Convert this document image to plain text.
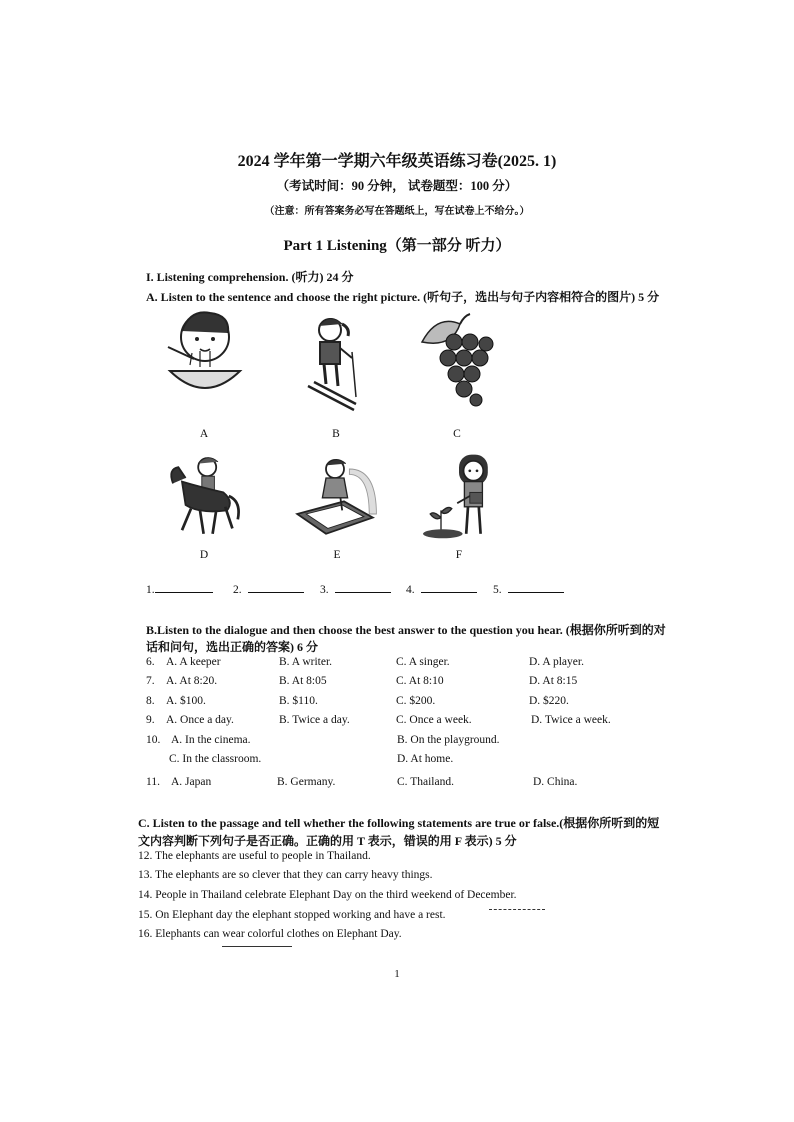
2024 学年第一学期六年级英语练习卷(2025. 1)
（考试时间：90 分钟， 试卷题型：100 分）
（注意：所有答案务必写在答题纸上，写在试卷上不给分。）
Part 1 Listening（第一部分 听力）
I. Listening comprehension. (听力) 24 分
A. Listen to the sentence and choose the right picture. (听句子，选出与句子内容相符合的图片) 5 分
A	B	C
D	E	F
1.	2.	3.	4.	5.
B.Listen to the dialogue and then choose the best answer to the question you hear. (根据你所听到的对
话和问句，选出正确的答案) 6 分
6. A. A keeper	B. A writer.	C. A singer.	D. A player.
7. A. At 8:20.	B. At 8:05	C. At 8:10	D. At 8:15
8. A. $100.	B. $110.	C. $200.	D. $220.
9. A. Once a day.	B. Twice a day.	C. Once a week.	D. Twice a week.
10. A. In the cinema.	B. On the playground.
C. In the classroom.	D. At home.
11. A. Japan	B. Germany.	C. Thailand.	D. China.
C. Listen to the passage and tell whether the following statements are true or false.(根据你所听到的短
文内容判断下列句子是否正确。正确的用 T 表示，错误的用 F 表示) 5 分
12. The elephants are useful to people in Thailand.
13. The elephants are so clever that they can carry heavy things.
14. People in Thailand celebrate Elephant Day on the third weekend of December.
15. On Elephant day the elephant stopped working and have a rest.
16. Elephants can wear colorful clothes on Elephant Day.
1
